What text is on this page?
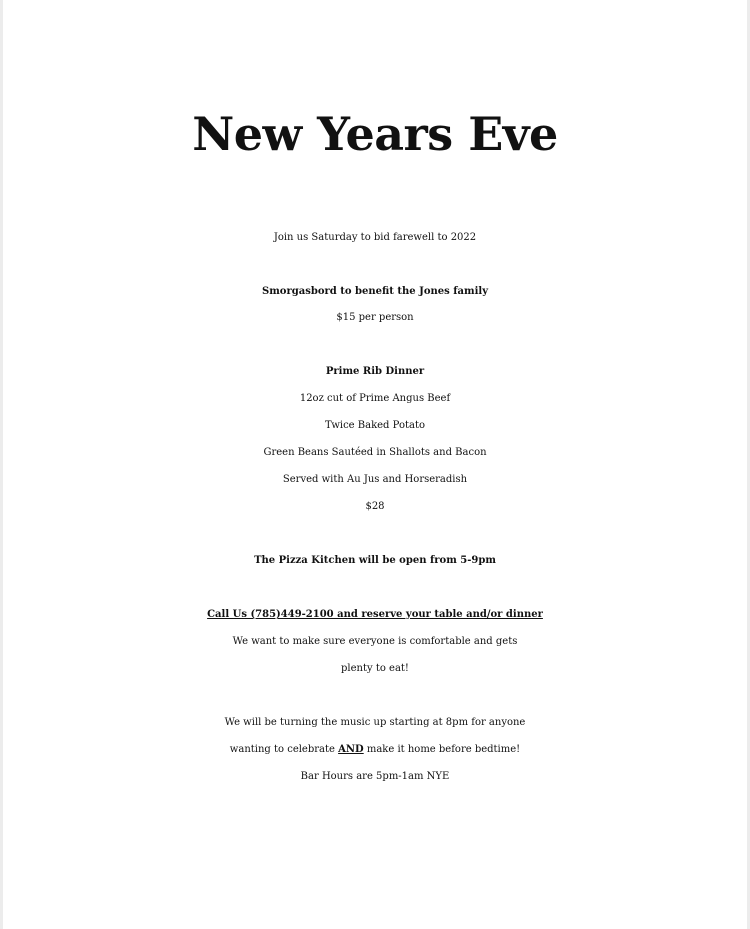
New Years Eve
Join us Saturday to bid farewell to 2022
Smorgasbord to benefit the Jones family
$15 per person
Prime Rib Dinner
12oz cut of Prime Angus Beef
Twice Baked Potato
Green Beans Sautéed in Shallots and Bacon
Served with Au Jus and Horseradish
$28
The Pizza Kitchen will be open from 5-9pm
Call Us (785)449-2100 and reserve your table and/or dinner
We want to make sure everyone is comfortable and gets
plenty to eat!
We will be turning the music up starting at 8pm for anyone
wanting to celebrate AND make it home before bedtime!
Bar Hours are 5pm-1am NYE
